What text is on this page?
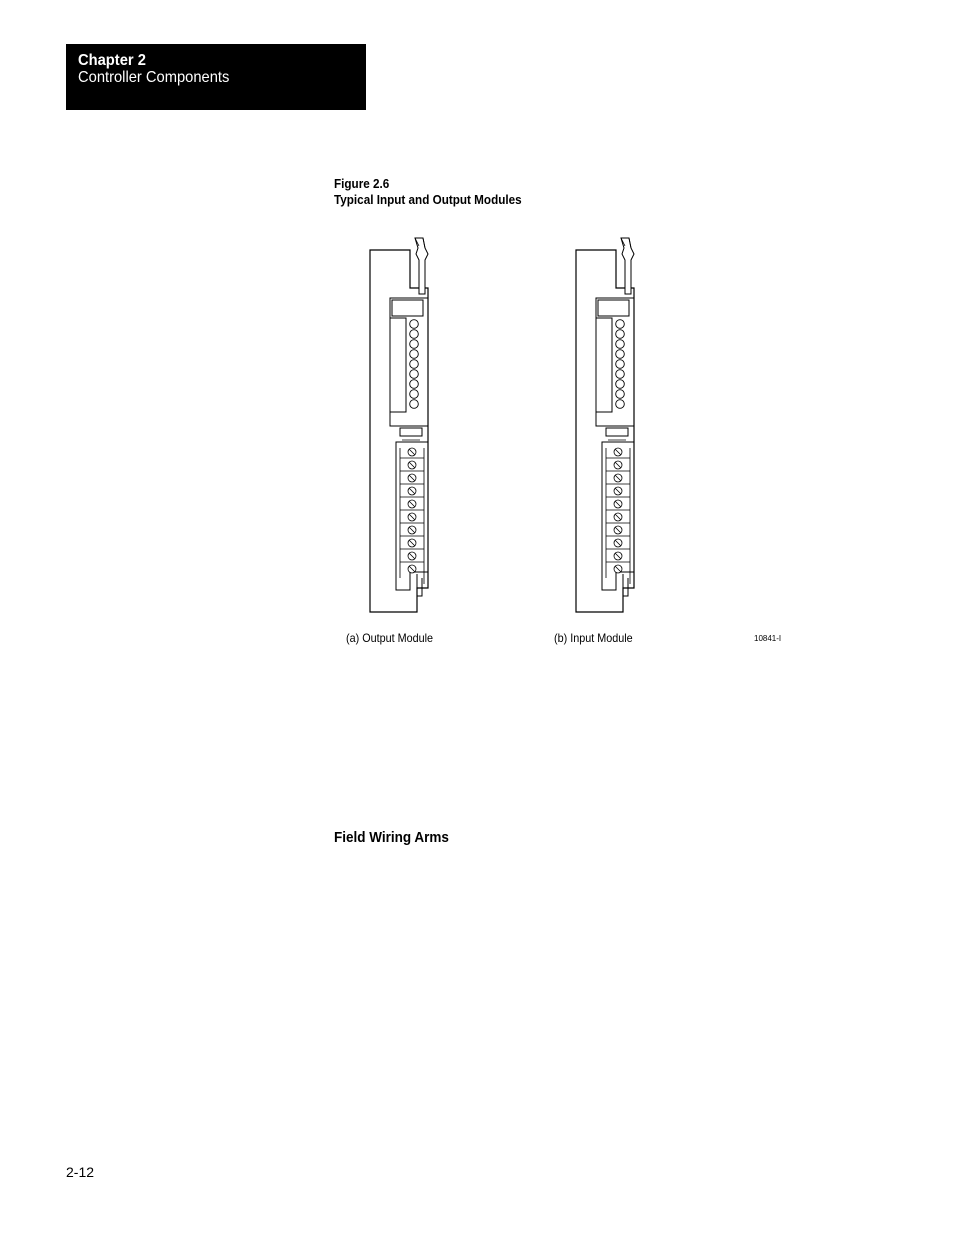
Chapter 2
Controller Components
Figure 2.6
Typical Input and Output Modules
(a) Output Module	(b) Input Module	10841-I
Field Wiring Arms
2-12
